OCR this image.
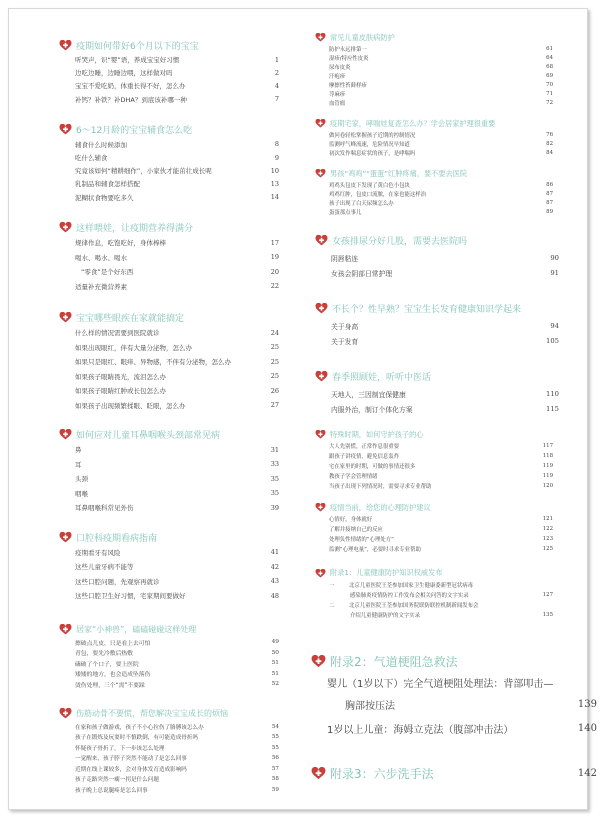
疫期如何带好6个月以下的宝宝
听哭声，识“婴”语，养成宝宝好习惯	1
边吃边睡，边睡边喂，这样做对吗	2
宝宝不爱吃奶，体重长得不好，怎么办	4
补钙？补铁？补DHA？到底该补哪一种	7
6～12月龄的宝宝辅食怎么吃
辅食什么时候添加	8
吃什么辅食	9
究竟该如何“精耕细作”，小家伙才能茁壮成长呢	10
乳制品和辅食怎样搭配	13
泥糊状食物要吃多久	14
这样喂娃，让疫期营养得满分
规律作息，吃饱吃好，身体棒棒	17
喝水、喝水、喝水	19
“零食”是个好东西	20
适量补充微营养素	22
宝宝哪些眼疾在家就能搞定
什么样的情况需要到医院就诊	24
如果出现眼红，伴有大量分泌物，怎么办	25
如果只是眼红、眼痒、异物感，不伴有分泌物，怎么办	25
如果孩子眼睛畏光，流泪怎么办	25
如果孩子眼睛红肿或长包怎么办	26
如果孩子出现频繁揉眼、眨眼，怎么办	27
如何应对儿童耳鼻咽喉头颈部常见病
鼻	31
耳	33
头颈	35
咽喉	35
耳鼻咽喉科常见外伤	39
口腔科疫期看病指南
疫期看牙有风险	41
这些儿童牙病不能等	42
这些口腔问题，先观察再就诊	43
这些口腔卫生好习惯，宅家期间要做好	48
居家“小神兽”，磕磕碰碰这样处理
擦破点儿皮，只是看上去可怕	49
青包，要先冷敷后热敷	50
磕破了个口子，要上医院	51
矮矮的地方，也会造成坠落伤	51
烫伤处理，三个“需”不要踩	52
伤筋动骨不要慌，帮您解决宝宝成长的烦恼
在家和孩子做游戏，孩子不小心拉伤了胳膊该怎么办	54
孩子在锻炼及玩耍时不慎跌倒，有可能造成骨折吗	55
怀疑孩子骨折了，下一步该怎么处理	55
一觉醒来，孩子脖子突然不能动了是怎么回事	56
近期在线上课较多，会对身体发育造成影响吗	57
孩子走路突然一瘸一拐是什么问题	58
孩子晚上总说腿疼是怎么回事	59
常见儿童皮肤病防护
防护永远排第一	61
湿疹/特应性皮炎	64
尿布皮炎	68
汗疱疹	69
摩擦性苔藓样疹	70
荨麻疹	71
血管瘤	72
疫期宅家，哮喘娃复查怎么办？学会居家护理很重要
做问卷轻松掌握孩子近期的控制情况	76
监测呼气峰流速，危险情况早知道	82
初次发作喘息症状的孩子，是哮喘吗	84
男孩“鸡鸡”“蛋蛋”红肿疼痛，要不要去医院
鸡鸡头包皮下发现了黄白色小包块	86
鸡鸡红肿，包皮口流脓，在家也能这样治	87
孩子出现了白天尿频怎么办	87
蛋蛋那点事儿	89
女孩排尿分好几股，需要去医院吗
阴唇粘连	90
女孩会阴部日常护理	91
不长个？性早熟？宝宝生长发育健康知识学起来
关于身高	94
关于发育	105
春季照顾娃，听听中医话
天地人，三因制宜保健康	110
内服外治，制订个体化方案	115
特殊时期，如何守护孩子的心
大人先别慌，正常作息很重要	117
跟孩子讲疫情，避免信息轰炸	118
宅在家里的时期，可做的事情还很多	119
教孩子学会管理情绪	119
当孩子出现下列情况时，需要寻求专业帮助	120
疫情当前，给您的心理防护建议
心情好，身体就好	121
了解并接纳自己的反应	122
处理负性情绪的“心理处方”	123
监测“心理电量”，必要时寻求专业帮助	125
附录1：儿童健康防护知识权威发布
一	北京儿童医院王荃参加国家卫生健康委新型冠状病毒
感染肺炎疫情防控工作发布会相关问答的文字实录	127
二	北京儿童医院王荃参加国务院联防联控机制新闻发布会
介绍儿童健康防护的文字实录	135
附录2：气道梗阻急救法
婴儿（1岁以下）完全气道梗阻处理法：背部叩击—
胸部按压法	139
1岁以上儿童：海姆立克法（腹部冲击法）	140
附录3：六步洗手法	142
